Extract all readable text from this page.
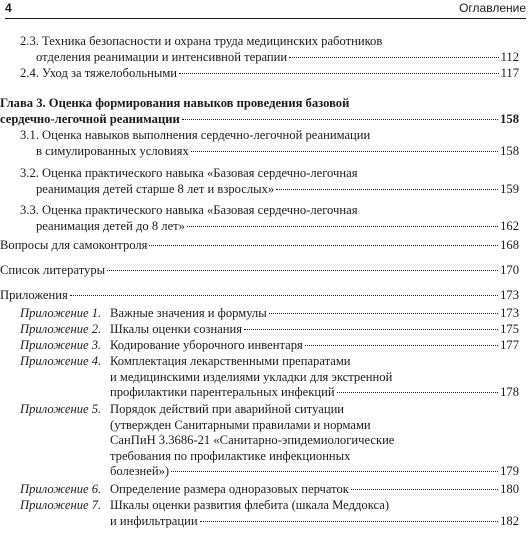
4	Оглавление
2.3. Техника безопасности и охрана труда медицинских работников
отделения реанимации и интенсивной терапии	112
2.4. Уход за тяжелобольными	117
Глава 3. Оценка формирования навыков проведения базовой
сердечно-легочной реанимации	158
3.1. Оценка навыков выполнения сердечно-легочной реанимации
в симулированных условиях	158
3.2. Оценка практического навыка «Базовая сердечно-легочная
реанимация детей старше 8 лет и взрослых»	159
3.3. Оценка практического навыка «Базовая сердечно-легочная
реанимация детей до 8 лет»	162
Вопросы для самоконтроля	168
Список литературы	170
Приложения	173
Приложение 1. Важные значения и формулы	173
Приложение 2. Шкалы оценки сознания	175
Приложение 3. Кодирование уборочного инвентаря	177
Приложение 4. Комплектация лекарственными препаратами
и медицинскими изделиями укладки для экстренной
профилактики парентеральных инфекций	178
Приложение 5. Порядок действий при аварийной ситуации
(утвержден Санитарными правилами и нормами
СанПиН 3.3686-21 «Санитарно-эпидемиологические
требования по профилактике инфекционных
болезней»)	179
Приложение 6. Определение размера одноразовых перчаток	180
Приложение 7. Шкалы оценки развития флебита (шкала Меддокса)
и инфильтрации	182
